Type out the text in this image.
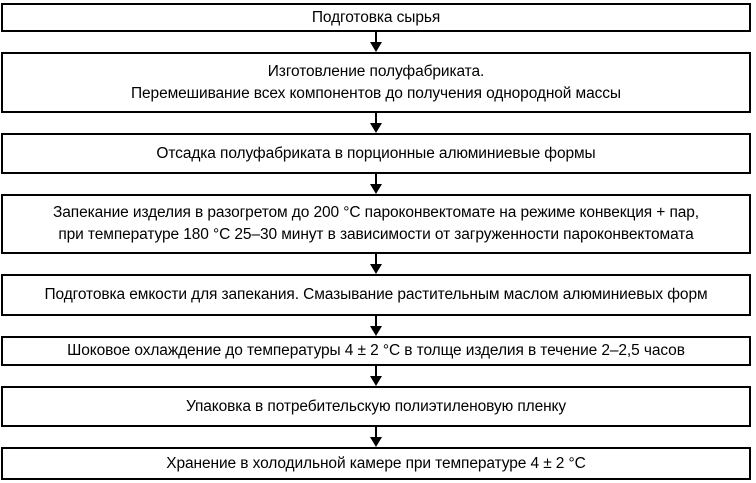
Подготовка сырья
Изготовление полуфабриката.
Перемешивание всех компонентов до получения однородной массы
Отсадка полуфабриката в порционные алюминиевые формы
Запекание изделия в разогретом до 200 °С пароконвектомате на режиме конвекция + пар,
при температуре 180 °С 25–30 минут в зависимости от загруженности пароконвектомата
Подготовка емкости для запекания. Смазывание растительным маслом алюминиевых форм
Шоковое охлаждение до температуры 4 ± 2 °С в толще изделия в течение 2–2,5 часов
Упаковка в потребительскую полиэтиленовую пленку
Хранение в холодильной камере при температуре 4 ± 2 °С
